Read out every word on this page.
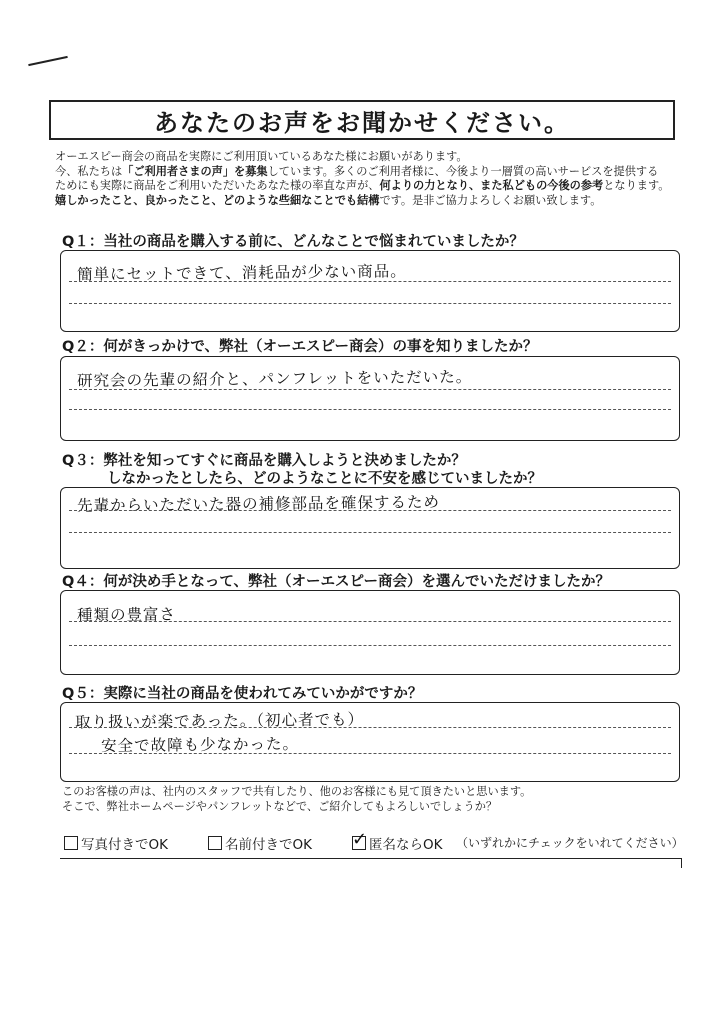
あなたのお声をお聞かせください。
オーエスピー商会の商品を実際にご利用頂いているあなた様にお願いがあります。
今、私たちは「ご利用者さまの声」を募集しています。多くのご利用者様に、今後より一層質の高いサービスを提供する
ためにも実際に商品をご利用いただいたあなた様の率直な声が、何よりの力となり、また私どもの今後の参考となります。
嬉しかったこと、良かったこと、どのような些細なことでも結構です。是非ご協力よろしくお願い致します。
Q１：当社の商品を購入する前に、どんなことで悩まれていましたか？
簡単にセットできて、消耗品が少ない商品。
Q２：何がきっかけで、弊社（オーエスピー商会）の事を知りましたか？
研究会の先輩の紹介と、パンフレットをいただいた。
Q３：弊社を知ってすぐに商品を購入しようと決めましたか？
しなかったとしたら、どのようなことに不安を感じていましたか？
先輩からいただいた器の補修部品を確保するため
Q４：何が決め手となって、弊社（オーエスピー商会）を選んでいただけましたか？
種類の豊富さ
Q５：実際に当社の商品を使われてみていかがですか？
取り扱いが楽であった。（初心者でも）
安全で故障も少なかった。
このお客様の声は、社内のスタッフで共有したり、他のお客様にも見て頂きたいと思います。
そこで、弊社ホームページやパンフレットなどで、ご紹介してもよろしいでしょうか？
写真付きでOK	名前付きでOK ✓ 匿名ならOK （いずれかにチェックをいれてください）
